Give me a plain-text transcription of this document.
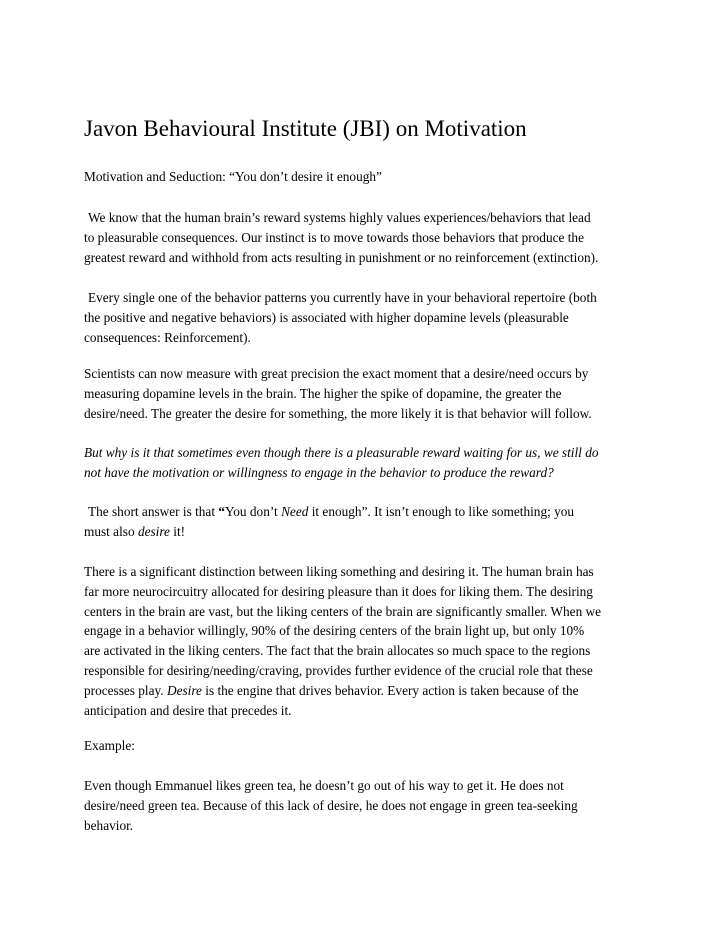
Javon Behavioural Institute (JBI) on Motivation

Motivation and Seduction: “You don’t desire it enough”

We know that the human brain’s reward systems highly values experiences/behaviors that lead
to pleasurable consequences. Our instinct is to move towards those behaviors that produce the
greatest reward and withhold from acts resulting in punishment or no reinforcement (extinction).

Every single one of the behavior patterns you currently have in your behavioral repertoire (both
the positive and negative behaviors) is associated with higher dopamine levels (pleasurable
consequences: Reinforcement).

Scientists can now measure with great precision the exact moment that a desire/need occurs by
measuring dopamine levels in the brain. The higher the spike of dopamine, the greater the
desire/need. The greater the desire for something, the more likely it is that behavior will follow.

But why is it that sometimes even though there is a pleasurable reward waiting for us, we still do
not have the motivation or willingness to engage in the behavior to produce the reward?

The short answer is that “You don’t Need it enough”. It isn’t enough to like something; you
must also desire it!

There is a significant distinction between liking something and desiring it. The human brain has
far more neurocircuitry allocated for desiring pleasure than it does for liking them. The desiring
centers in the brain are vast, but the liking centers of the brain are significantly smaller. When we
engage in a behavior willingly, 90% of the desiring centers of the brain light up, but only 10%
are activated in the liking centers. The fact that the brain allocates so much space to the regions
responsible for desiring/needing/craving, provides further evidence of the crucial role that these
processes play. Desire is the engine that drives behavior. Every action is taken because of the
anticipation and desire that precedes it.

Example:

Even though Emmanuel likes green tea, he doesn’t go out of his way to get it. He does not
desire/need green tea. Because of this lack of desire, he does not engage in green tea-seeking
behavior.
